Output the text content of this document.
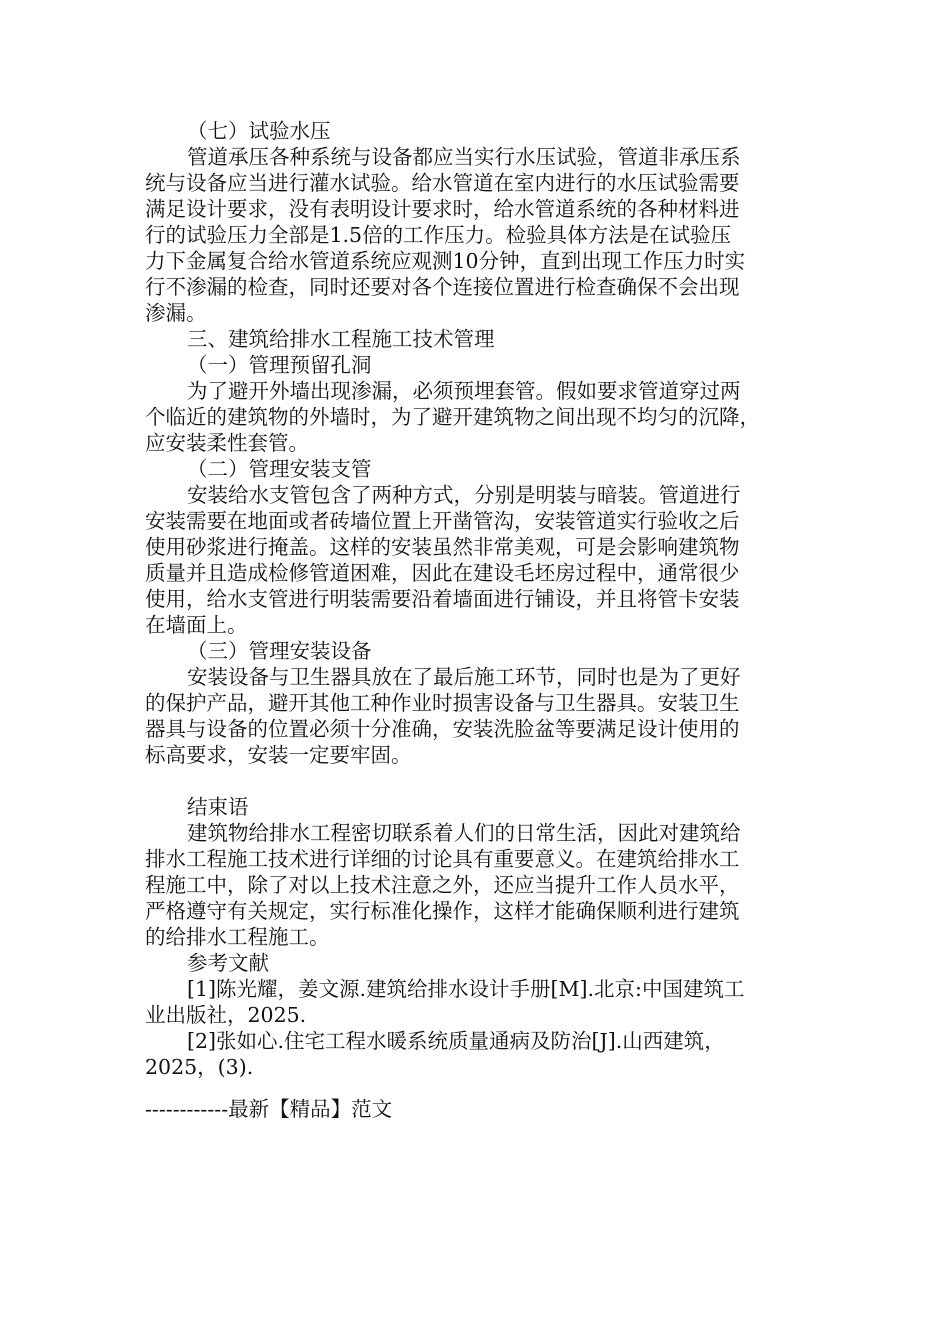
（七）试验水压
管道承压各种系统与设备都应当实行水压试验，管道非承压系
统与设备应当进行灌水试验。给水管道在室内进行的水压试验需要
满足设计要求，没有表明设计要求时，给水管道系统的各种材料进
行的试验压力全部是1.5倍的工作压力。检验具体方法是在试验压
力下金属复合给水管道系统应观测10分钟，直到出现工作压力时实
行不渗漏的检查，同时还要对各个连接位置进行检查确保不会出现
渗漏。
三、建筑给排水工程施工技术管理
（一）管理预留孔洞
为了避开外墙出现渗漏，必须预埋套管。假如要求管道穿过两
个临近的建筑物的外墙时，为了避开建筑物之间出现不均匀的沉降，
应安装柔性套管。
（二）管理安装支管
安装给水支管包含了两种方式，分别是明装与暗装。管道进行
安装需要在地面或者砖墙位置上开凿管沟，安装管道实行验收之后
使用砂浆进行掩盖。这样的安装虽然非常美观，可是会影响建筑物
质量并且造成检修管道困难，因此在建设毛坯房过程中，通常很少
使用，给水支管进行明装需要沿着墙面进行铺设，并且将管卡安装
在墙面上。
（三）管理安装设备
安装设备与卫生器具放在了最后施工环节，同时也是为了更好
的保护产品，避开其他工种作业时损害设备与卫生器具。安装卫生
器具与设备的位置必须十分准确，安装洗脸盆等要满足设计使用的
标高要求，安装一定要牢固。
结束语
建筑物给排水工程密切联系着人们的日常生活，因此对建筑给
排水工程施工技术进行详细的讨论具有重要意义。在建筑给排水工
程施工中，除了对以上技术注意之外，还应当提升工作人员水平，
严格遵守有关规定，实行标准化操作，这样才能确保顺利进行建筑
的给排水工程施工。
参考文献
[1]陈光耀，姜文源.建筑给排水设计手册[M].北京:中国建筑工
业出版社，2025.
[2]张如心.住宅工程水暖系统质量通病及防治[J].山西建筑，
2025，(3).
------------最新【精品】范文
